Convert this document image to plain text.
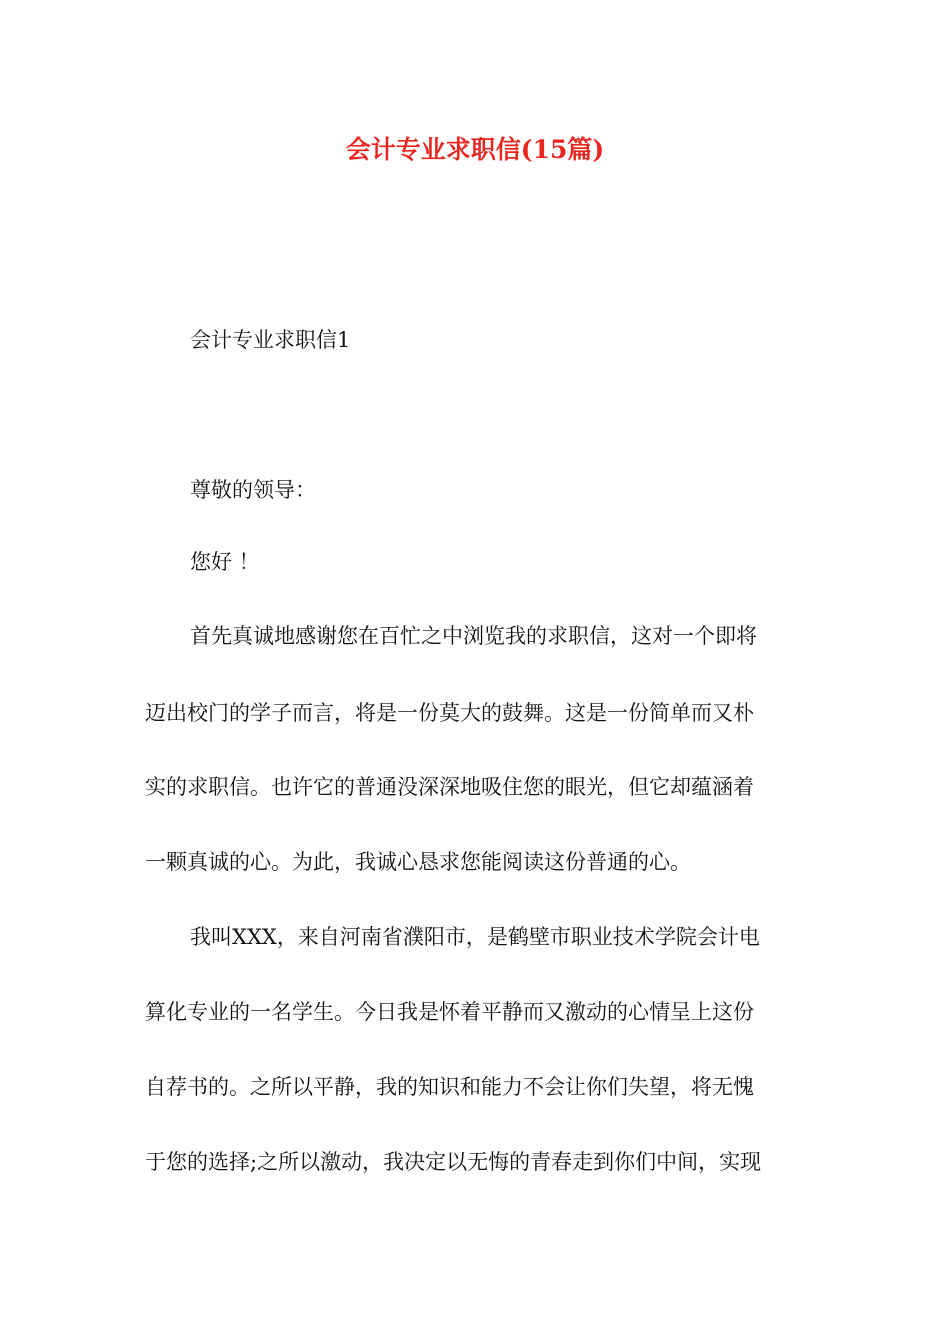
会计专业求职信(15篇)
会计专业求职信1
尊敬的领导：
您好 ！
首先真诚地感谢您在百忙之中浏览我的求职信，这对一个即将
迈出校门的学子而言，将是一份莫大的鼓舞。这是一份简单而又朴
实的求职信。也许它的普通没深深地吸住您的眼光，但它却蕴涵着
一颗真诚的心。为此，我诚心恳求您能阅读这份普通的心。
我叫XXX，来自河南省濮阳市，是鹤壁市职业技术学院会计电
算化专业的一名学生。今日我是怀着平静而又激动的心情呈上这份
自荐书的。之所以平静，我的知识和能力不会让你们失望，将无愧
于您的选择;之所以激动，我决定以无悔的青春走到你们中间，实现
